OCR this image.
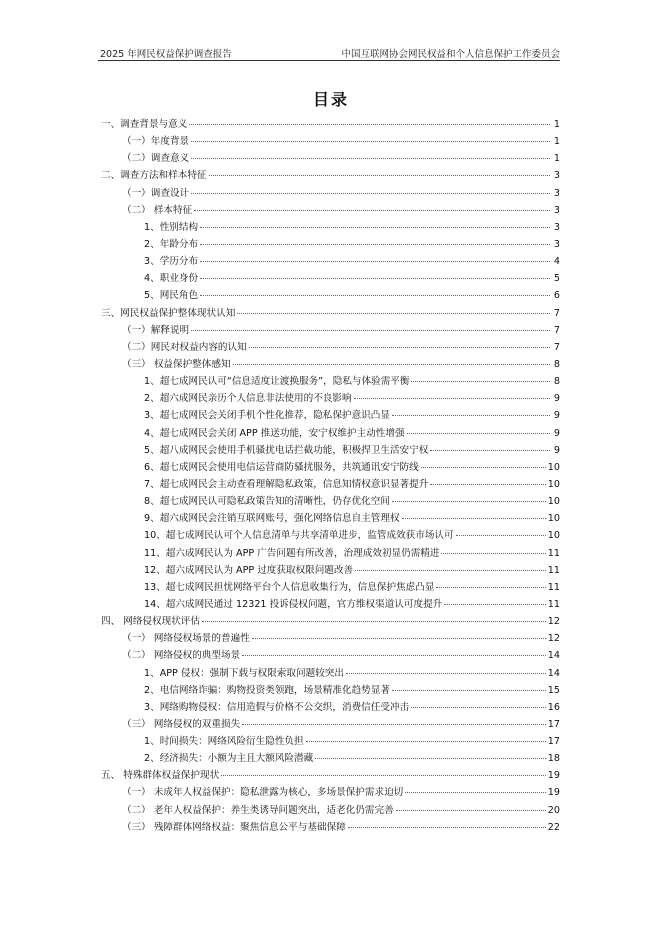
2025 年网民权益保护调查报告	中国互联网协会网民权益和个人信息保护工作委员会
目录
一、调查背景与意义	1
（一）年度背景	1
（二）调查意义	1
二、调查方法和样本特征	3
（一）调查设计	3
（二） 样本特征	3
1、性别结构	3
2、年龄分布	3
3、学历分布	4
4、职业身份	5
5、网民角色	6
三、网民权益保护整体现状认知	7
（一）解释说明	7
（二）网民对权益内容的认知	7
（三） 权益保护整体感知	8
1、超七成网民认可“信息适度让渡换服务”，隐私与体验需平衡	8
2、超六成网民亲历个人信息非法使用的不良影响	9
3、超七成网民会关闭手机个性化推荐，隐私保护意识凸显	9
4、超七成网民会关闭 APP 推送功能，安宁权维护主动性增强	9
5、超八成网民会使用手机骚扰电话拦截功能，积极捍卫生活安宁权	9
6、超七成网民会使用电信运营商防骚扰服务，共筑通讯安宁防线	10
7、超七成网民会主动查看理解隐私政策，信息知情权意识显著提升	10
8、超七成网民认可隐私政策告知的清晰性，仍存优化空间	10
9、超六成网民会注销互联网账号，强化网络信息自主管理权	10
10、超七成网民认可个人信息清单与共享清单进步，监管成效获市场认可	10
11、超六成网民认为 APP 广告问题有所改善，治理成效初显仍需精进	11
12、超六成网民认为 APP 过度获取权限问题改善	11
13、超七成网民担忧网络平台个人信息收集行为，信息保护焦虑凸显	11
14、超六成网民通过 12321 投诉侵权问题，官方维权渠道认可度提升	11
四、 网络侵权现状评估	12
（一） 网络侵权场景的普遍性	12
（二） 网络侵权的典型场景	14
1、APP 侵权：强制下载与权限索取问题较突出	14
2、电信网络诈骗：购物投资类领跑，场景精准化趋势显著	15
3、网络购物侵权：信用造假与价格不公交织，消费信任受冲击	16
（三） 网络侵权的双重损失	17
1、时间损失：网络风险衍生隐性负担	17
2、经济损失：小额为主且大额风险潜藏	18
五、 特殊群体权益保护现状	19
（一） 未成年人权益保护：隐私泄露为核心，多场景保护需求迫切	19
（二） 老年人权益保护：养生类诱导问题突出，适老化仍需完善	20
（三） 残障群体网络权益：聚焦信息公平与基础保障	22
